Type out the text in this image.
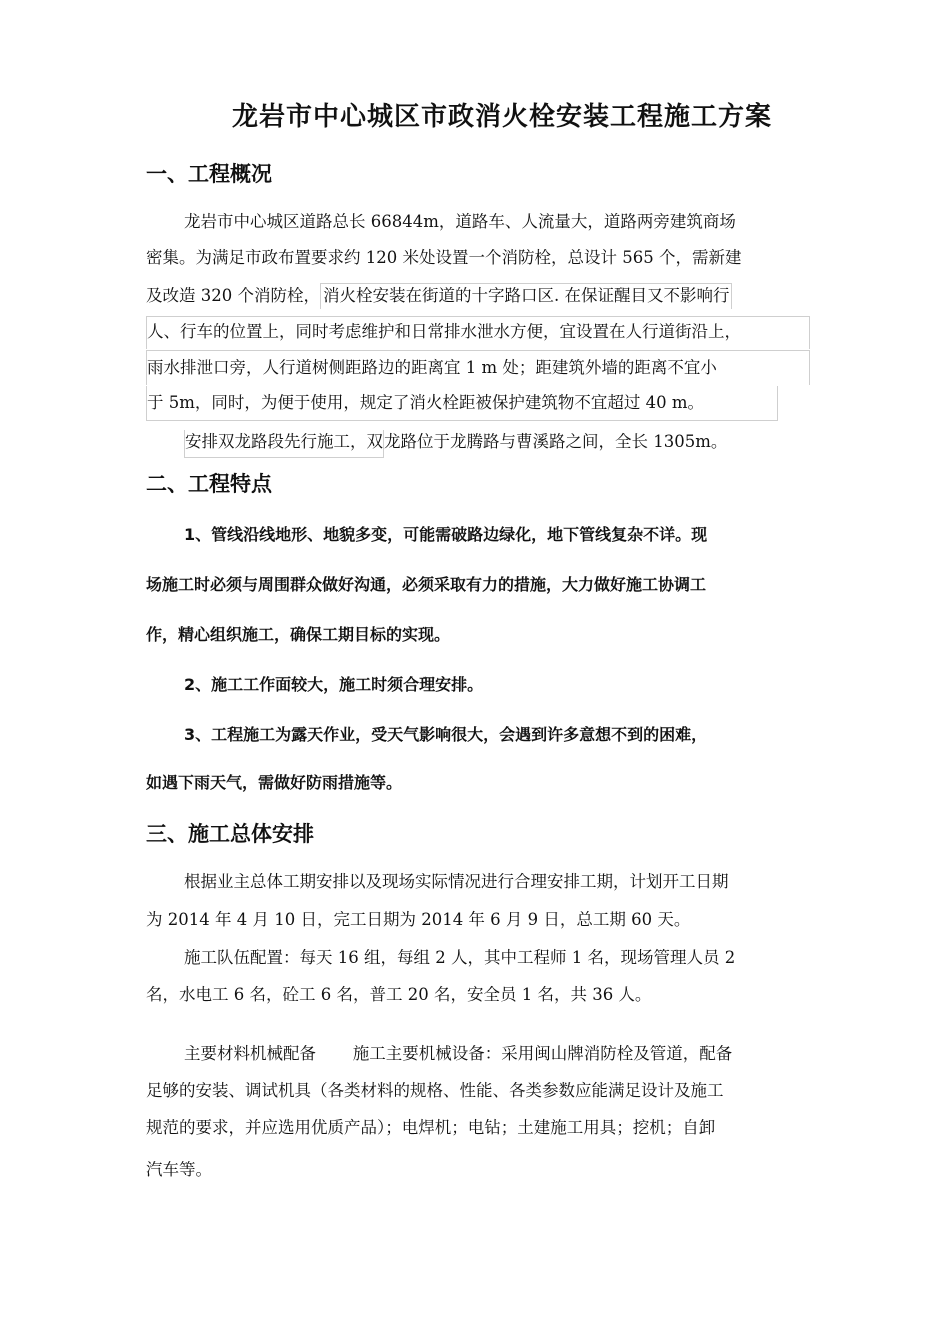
龙岩市中心城区市政消火栓安装工程施工方案
一、工程概况
龙岩市中心城区道路总长 66844m，道路车、人流量大，道路两旁建筑商场
密集。为满足市政布置要求约 120 米处设置一个消防栓，总设计 565 个，需新建
及改造 320 个消防栓， 消火栓安装在街道的十字路口区. 在保证醒目又不影响行
人、行车的位置上，同时考虑维护和日常排水泄水方便，宜设置在人行道街沿上，
雨水排泄口旁，人行道树侧距路边的距离宜 1 m 处；距建筑外墙的距离不宜小
于 5m，同时，为便于使用，规定了消火栓距被保护建筑物不宜超过 40 m。
安排双龙路段先行施工，双龙路位于龙腾路与曹溪路之间，全长 1305m。
二、工程特点
1、管线沿线地形、地貌多变，可能需破路边绿化，地下管线复杂不详。现
场施工时必须与周围群众做好沟通，必须采取有力的措施，大力做好施工协调工
作，精心组织施工，确保工期目标的实现。
2、施工工作面较大，施工时须合理安排。
3、工程施工为露天作业，受天气影响很大，会遇到许多意想不到的困难，
如遇下雨天气，需做好防雨措施等。
三、施工总体安排
根据业主总体工期安排以及现场实际情况进行合理安排工期，计划开工日期
为 2014 年 4 月 10 日，完工日期为 2014 年 6 月 9 日，总工期 60 天。
施工队伍配置：每天 16 组，每组 2 人，其中工程师 1 名，现场管理人员 2
名，水电工 6 名，砼工 6 名，普工 20 名，安全员 1 名，共 36 人。
主要材料机械配备       施工主要机械设备：采用闽山牌消防栓及管道，配备
足够的安装、调试机具（各类材料的规格、性能、各类参数应能满足设计及施工
规范的要求，并应选用优质产品）；电焊机；电钻；土建施工用具；挖机；自卸
汽车等。
